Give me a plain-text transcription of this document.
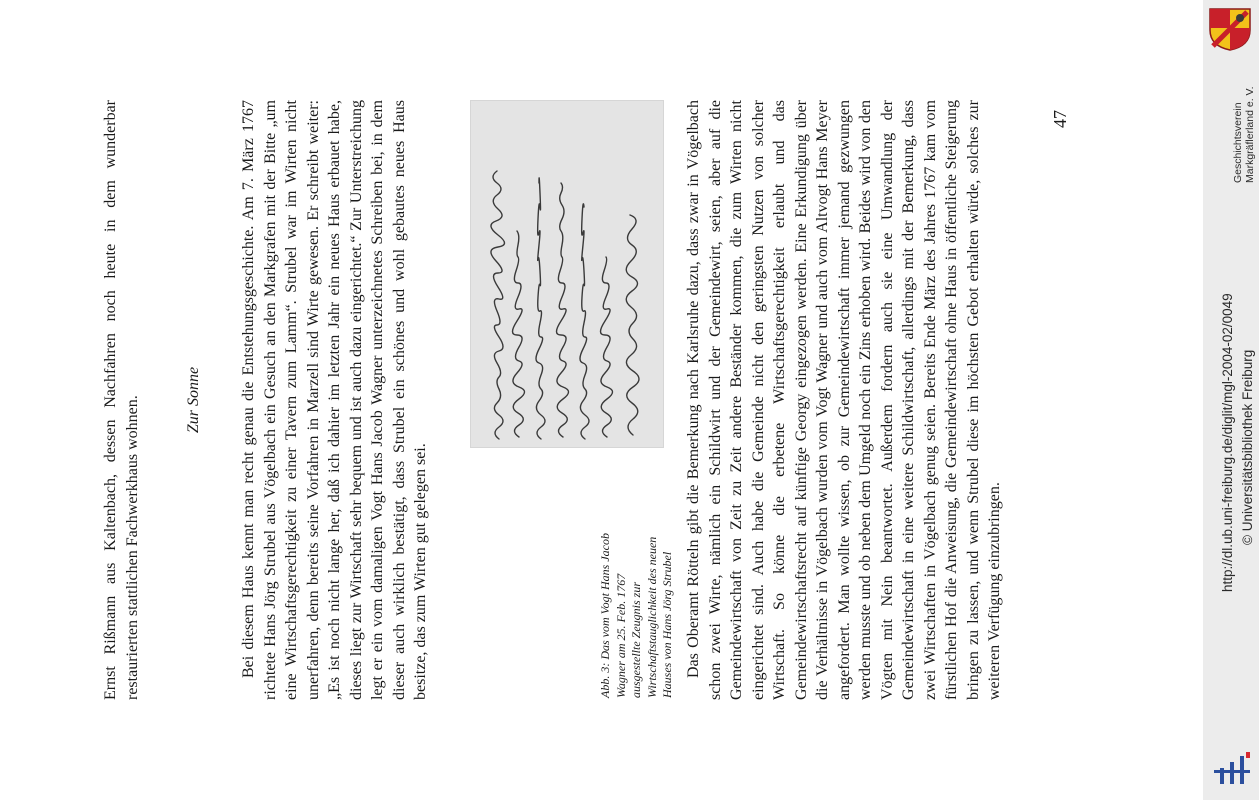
Ernst Rißmann aus Kaltenbach, dessen Nachfahren noch heute in dem wunderbar restaurierten stattlichen Fachwerkhaus wohnen.	Zur Sonne Bei diesem Haus kennt man recht genau die Entstehungsgeschichte. Am 7. März 1767 richtete Hans Jörg Strubel aus Vögelbach ein Gesuch an den Markgrafen mit der Bitte „um eine Wirtschaftsgerechtigkeit zu einer Tavern zum Lamm“. Strubel war im Wirten nicht unerfahren, denn bereits seine Vorfahren in Marzell sind Wirte gewesen. Er schreibt weiter: „Es ist noch nicht lange her, daß ich dahier im letzten Jahr ein neues Haus erbauet habe, dieses liegt zur Wirtschaft sehr bequem und ist auch dazu eingerichtet.“ Zur Unterstreichung legt er ein vom damaligen Vogt Hans Jacob Wagner unterzeichnetes Schreiben bei, in dem dieser auch wirklich bestätigt, dass Strubel ein schönes und wohl gebautes neues Haus besitze, das zum Wirten gut gelegen sei.	Abb. 3: Das vom Vogt Hans Jacob Wagner am 25. Feb. 1767 ausgestellte Zeugnis zur Wirtschaftstauglichkeit des neuen Hauses von Hans Jörg Strubel Das Oberamt Rötteln gibt die Bemerkung nach Karlsruhe dazu, dass zwar in Vögelbach schon zwei Wirte, nämlich ein Schildwirt und der Gemeindewirt, seien, aber auf die Gemeindewirtschaft von Zeit zu Zeit andere Beständer kommen, die zum Wirten nicht eingerichtet sind. Auch habe die Gemeinde nicht den geringsten Nutzen von solcher Wirtschaft. So könne die erbetene Wirtschaftsgerechtigkeit erlaubt und das Gemeindewirtschaftsrecht auf künftige Georgy eingezogen werden. Eine Erkundigung über die Verhältnisse in Vögelbach wurden vom Vogt Wagner und auch vom Altvogt Hans Meyer angefordert. Man wollte wissen, ob zur Gemeindewirtschaft immer jemand gezwungen werden musste und ob neben dem Umgeld noch ein Zins erhoben wird. Beides wird von den Vögten mit Nein beantwortet. Außerdem fordern auch sie eine Umwandlung der Gemeindewirtschaft in eine weitere Schildwirtschaft, allerdings mit der Bemerkung, dass zwei Wirtschaften in Vögelbach genug seien. Bereits Ende März des Jahres 1767 kam vom fürstlichen Hof die Anweisung, die Gemeindewirtschaft ohne Haus in öffentliche Steigerung bringen zu lassen, und wenn Strubel diese im höchsten Gebot erhalten würde, solches zur weiteren Verfügung einzubringen.

47	Geschichtsverein Markgräflerland e. V.
http://dl.ub.uni-freiburg.de/diglit/mgl-2004-02/0049 © Universitätsbibliothek Freiburg
